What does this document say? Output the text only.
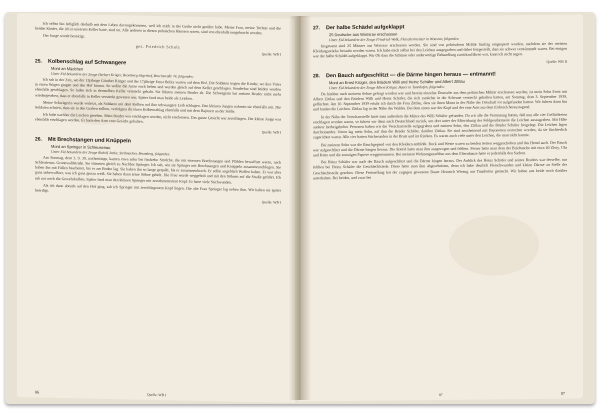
Ich selbst bin lediglich deshalb mit dem Leben davongekommen, weil ich mich in der Grube nicht gerührt habe. Meine Frau, meine Tochter und die beiden Kinder, die ich in unserem Keller hatte, sind tot. Alle anderen in diesen polnischen Häusern waren, sind von ebenfalls umgebracht worden.

Der Junge wurde beseitigt.

gez. Friedrich Schulz

Quelle: WB I

25. Kolbenschlag auf Schwangere
Mord an Mädchen
Unter Eid bekundete der Zeuge Herbert Krüger, Bromberg-Jägerhof, Bruchstraße 74, folgendes:

Ich sah in der Zeit, wo der 13jährige Günther Krüger und der 17jährige Ernst Bolitz warten auf dem Hof. Die Soldaten trugen die Kinder, wo ihre Väter in einen Wagen gingen und den Hof hinaus. So wollte die Arme euch heben und wurden gleich auf dem Keller geschlagen. Sonderbar sind beiden wurden ebenfalls geschlagen. So luden sich in demselben Keller versteckt gehabt. Sie führten meinen Bruder ab. Die Schwägerin hat meinen Bruder nicht mehr wiedergesehen, dass er ebenfalls in Keller versteckt gewesen war. Später fand man beide als Leichen.

Meine Schwägerin wurde verletzt, als Soldaten mit dem Kolben auf ihre schwangere Leib schlugen. Den kleinen Jungen nahmen sie ebenfalls mit. Die Soldaten schrien, dass sie in den Graben sollten, verfolgten ihr einen Kolbenschlag ebenfalls und mit dem Bajonett an der Stelle.

Ich habe nachher die Leichen gesehen. Mein Bruder war erschlagen worden, nicht erschossen. Das ganze Gesicht war zerschlagen. Der kleine Junge war ebenfalls erschlagen worden. Er hatte den Arm vors Gesicht gehalten.

Quelle: WB I

26. Mit Brechstangen und Knüppeln
Mord an Springer in Schleusenau
Unter Eid bekundete der Zeuge Rudolf Janke, Stellmacher, Bromberg, folgendes:

Am Sonntag, dem 3. 9. 39, nachmittags, kamen etwa zehn bis fünfzehn Strolche, die mit eisernen Brechstangen und Pfählen bewaffnet waren, nach Schleusenau. Grunewaldstraße. Sie stürmten gleich zu Nachbar Springer. Ich sah, wie sie Springer mit Brechstangen und Knüppeln zusammenschlugen. Sie haben ihn mit Füßen bearbeitet, bis er am Boden lag. Sie haben ihn so lange gequält, bis er zusammenbrach. Er sollte angeblich Waffen haben. Er war aber ganz unbewaffnet, was ich ganz genau weiß. Sie haben dann seine Söhne geholt. Die Frau wurde weggeholt und mit den Söhnen auf die Straße geführt. Ich sah nur noch die Gewehrkolben. Später fand man den kleinen Springer mit zerschmettertem Kopf. Er hatte viele Stichwunden.

Als ich dann abends auf den Hof ging, sah ich Springer mit zerschlagenem Kopf liegen. Die alte Frau Springer lag neben ihm. Wir haben sie später beerdigt.

Quelle: WB I

86
Quelle: WB I
27. Der halbe Schädel aufgeklappt
25 Deutsche aus Wonsrav erschossen
Unter Eid bekundete der Zeuge Friedrich Wolk, Fleischermeister in Wonsrav, folgendes:

Insgesamt sind 25 Männer aus Wonsrav erschossen worden. Sie sind von polnischem Militär fünfzig eingesperrt worden, nachdem sie der meisten Kleidungsstücke beraubt worden waren. Ich habe mich selbst bei den Leichen ausgegraben und dabei festgestellt, dass sie schwer verstümmelt waren. Bei einigen war der halbe Schädel aufgeklappt. Wir Oh dass die Schüsse oder anderweitige Behandlung zurückzuführen war, kann ich nicht sagen.

Quelle: WB II

28. Den Bauch aufgeschlitzt — die Därme hingen heraus — entmannt!
Mord an Ernst Krüger, den Brüdern Willi und Heinz Schäfer und Albert Zittlau
Unter Eid bekundete der Zeuge Albert Kröger, Bauer in Tannhofen, folgendes:

Da hinüber nach meinem Sohne gefragt worden war und bereits einzelne Deutsche aus dem polnischen Militär erschossen wurden, ist mein Sohn Ernst mit Albert Zittlau und den Brüdern Willi und Heinz Schäfer, die sich zunächst in der Scheune versteckt gehalten hatten, am Sonntag, dem 3. September 1939, geflüchtet. Am 10. September 1939 erfuhr ich durch die Frau Zittlau, dass sie ihren Mann in der Nähe der Ortschaft tot aufgefunden hatten. Wir fuhren dann hin und fanden die Leichen. Zittlau lag in der Nähe des Waldes. Bei dem einen war der Kopf und der eine Arm aus dem Erdreich herausragend.

In der Nähe der Verscharrstelle hatte man außerdem die Mütze des Willi Schäfer gefunden. Da wir alle die Vermutung hatten, daß nun alle vier Geflüchteten erschlagen worden waren, so fuhren wir dann nach Deutschland zurück, um dort unter der Mitwirkung der Feldgendarmerie die Leichen auszugraben. Mit Hilfe anderer herbeigeholter Personen haben wir die Verscharrstelle aufgegraben und meinen Sohn, den Zittlau und die Brüder Schäfer freigelegt. Die Leichen lagen durcheinander. Unten lag mein Sohn, auf ihm die Brüder Schäfer, darüber Zittlau. Sie sind anscheinend mit Bajonetten erstochen worden, da sie fürchterlich zugerichtet waren. Alle vier hatten Stichwunden in der Brust und im Rücken. Es waren auch viele unter den Leichen, die man nicht kannte.

Bei meinem Sohn war die Bauchgegend von den Kleidern entblößt. Rock und Weste waren zu beiden Seiten weggeschoben und das Hemd auch. Der Bauch war aufgeschlitzt und die Därme hingen heraus. Die Stiefel hatte man ihm ausgezogen und fehlten. Ferner hatte man dem der Brieftasche mit etwa 40 Zloty, Uhr und Kette und die sonstigen Papiere weggenommen. Bei meinem Wohnungsnachbar aus dem Elternhause hatte er jedenfalls den Sachen.

Bei Heinz Schäfer war auch der Bauch aufgeschlitzt und die Därme hingen heraus. Der Anblick des Heinz Schäfer und seines Bruders war derselbe, nur fehlten bei Heinz Schäfer die Geschlechtsteile. Diese hatte man ihm abgeschnitten, denn ich habe deutlich Fleischwunden und kleine Därme an Stelle der Geschlechtsteile gesehen. Diese Feststellung hat der zugegen gewesene Bauer Heinrich Wieang aus Tannhofen gemacht. Wir haben uns beide noch darüber unterhalten. Bei beiden, und zwar bei

87	87
